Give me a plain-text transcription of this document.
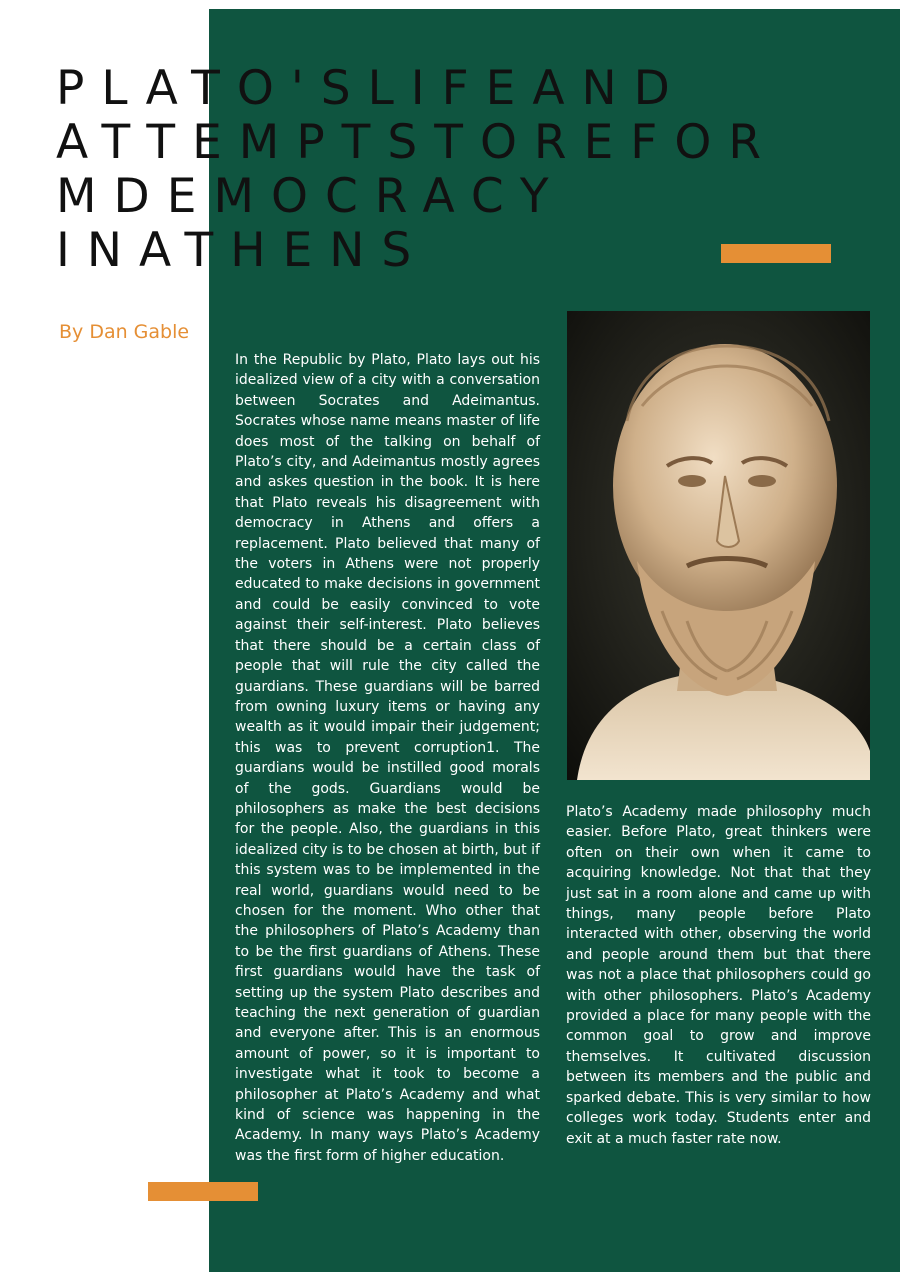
PLATO'SLIFEAND
ATTEMPTSTOREFOR
MDEMOCRACY
INATHENS
By Dan Gable

In the Republic by Plato, Plato lays out his idealized view of a city with a conversation between Socrates and Adeimantus. Socrates whose name means master of life does most of the talking on behalf of Plato’s city, and Adeimantus mostly agrees and askes question in the book. It is here that Plato reveals his disagreement with democracy in Athens and offers a replacement. Plato believed that many of the voters in Athens were not properly educated to make decisions in government and could be easily convinced to vote against their self-interest. Plato believes that there should be a certain class of people that will rule the city called the guardians. These guardians will be barred from owning luxury items or having any wealth as it would impair their judgement; this was to prevent corruption1. The guardians would be instilled good morals of the gods. Guardians would be philosophers as make the best decisions for the people. Also, the guardians in this idealized city is to be chosen at birth, but if this system was to be implemented in the real world, guardians would need to be chosen for the moment. Who other that the philosophers of Plato’s Academy than to be the first guardians of Athens. These first guardians would have the task of setting up the system Plato describes and teaching the next generation of guardian and everyone after. This is an enormous amount of power, so it is important to investigate what it took to become a philosopher at Plato’s Academy and what kind of science was happening in the Academy. In many ways Plato’s Academy was the first form of higher education.

Plato’s Academy made philosophy much easier. Before Plato, great thinkers were often on their own when it came to acquiring knowledge. Not that that they just sat in a room alone and came up with things, many people before Plato interacted with other, observing the world and people around them but that there was not a place that philosophers could go with other philosophers. Plato’s Academy provided a place for many people with the common goal to grow and improve themselves. It cultivated discussion between its members and the public and sparked debate. This is very similar to how colleges work today. Students enter and exit at a much faster rate now.
